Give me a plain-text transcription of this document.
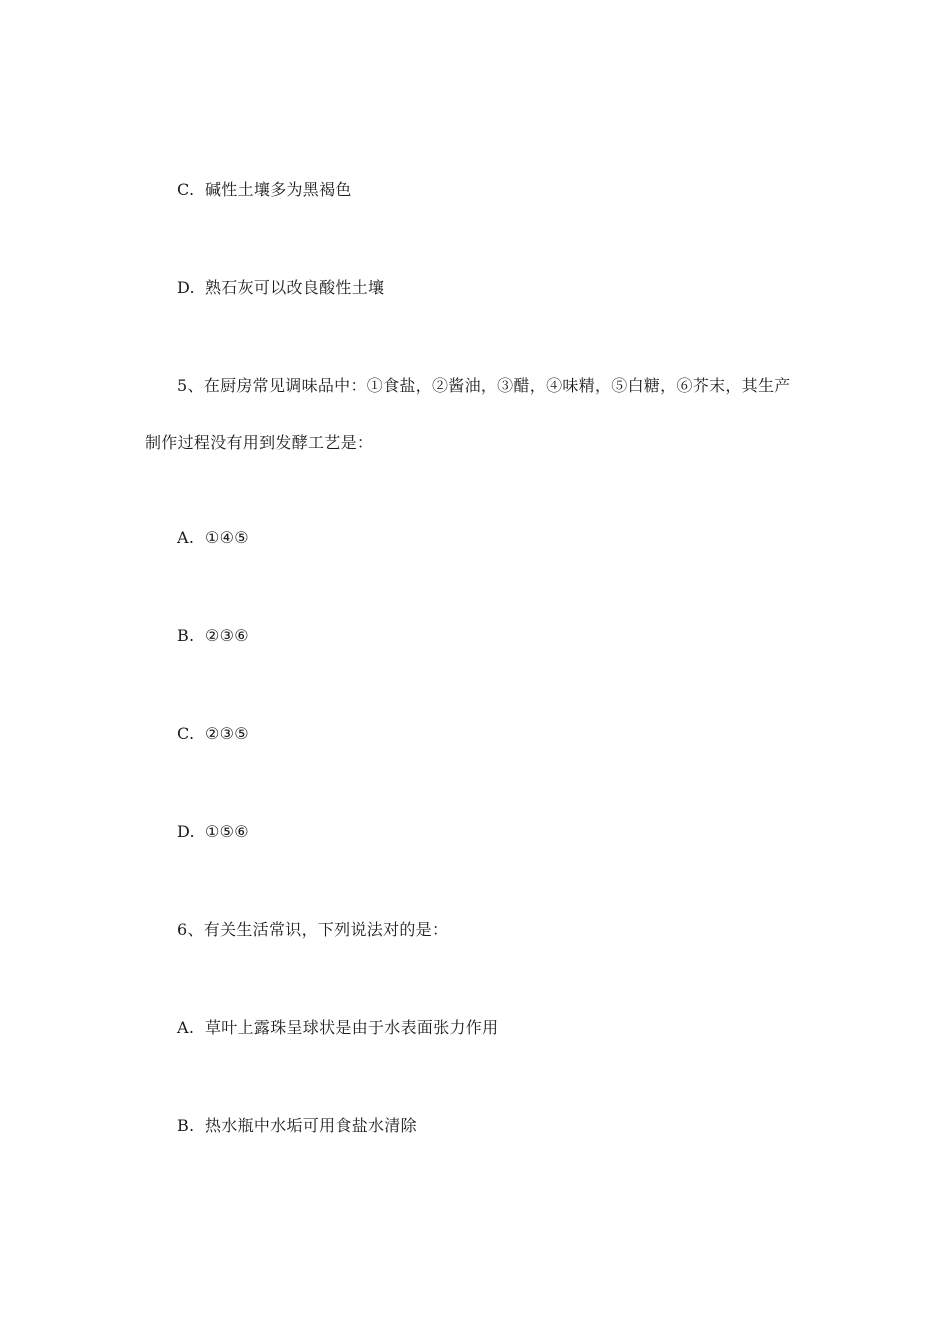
C. 碱性土壤多为黑褐色
D. 熟石灰可以改良酸性土壤
5、在厨房常见调味品中：①食盐，②酱油，③醋，④味精，⑤白糖，⑥芥末，其生产
制作过程没有用到发酵工艺是：
A. ①④⑤
B. ②③⑥
C. ②③⑤
D. ①⑤⑥
6、有关生活常识，下列说法对的是：
A. 草叶上露珠呈球状是由于水表面张力作用
B. 热水瓶中水垢可用食盐水清除
